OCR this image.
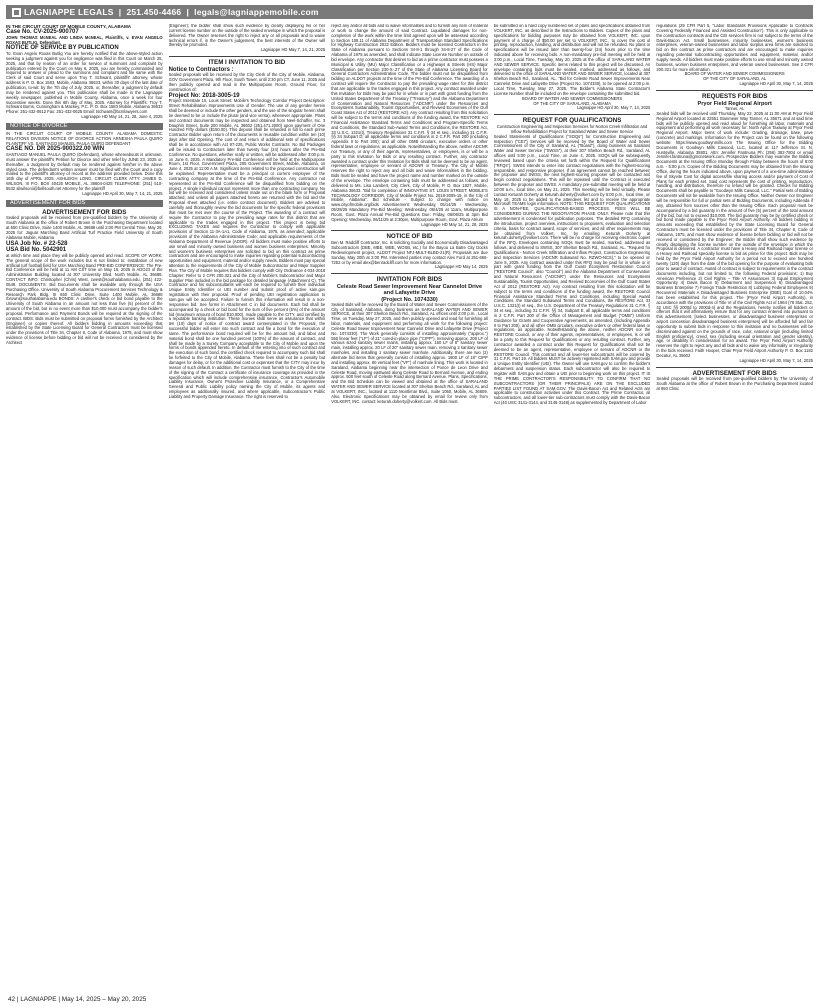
LAGNIAPPE LEGALS | 251.450-4466 | legals@lagniappemobile.com

IN THE CIRCUIT COURT OF MOBILE COUNTY, ALABAMA

Case No. CV-2025-900707

JOHN THOMAS McNEAL AND LINDA McNEAL, Plaintiffs, v. EVAN ANGELO ROXAS BUTLIG, Defendant.

NOTICE OF SERVICE BY PUBLICATION

To: Evan Angelo Roxas Butlig You are hereby notified that the above-styled action seeking a judgment against you for negligence was filed in this Court on March 25, 2025, and that by reason of an order for service of summons and complaint by publication entered by the Court on May 6, 2025, you are hereby commanded and required to answer or plead to the summons and complaint and file same with the Clerk of said Court and serve upon Troy T. Schwant, plaintiffs' attorney, whose address is P. O. Box 1583, Mobile, Alabama 36633, within 30 days of the last date of publication, to-wit: by the 7th day of July, 2025, or, thereafter, a judgment by default may be rendered against you. This publication shall be made in the Lagniappe weekly newspaper, published in Mobile County, Alabama, once a week for four successive weeks. Done this 6th day of May, 2025. Attorney for Plaintiffs: Troy T. Schwant Burns, Cunningham & Mackey, P.C. P. O. Box 1583 Mobile, Alabama 36633 Phone: 251-432-0612 Fax: 251-432-0625 Email: tschwant@bcmlawyers.com

Lagniappe HD May 14, 21, 28, June 4, 2025

NOTICE OF DIVORCE

IN THE CIRCUIT COURT OF MOBILE COUNTY ALABAMA DOMESTIC RELATIONS DIVISION NOTICE OF DIVORCE ACTION ARNESHA PAULA QUIRO PLAINTIFF VS. SANTIAGO MANUEL PAULA QUIRO DEFENDANT

CASE NO. DR 2025-900322.00 WIN

SANTIAGO MANUEL PAULA QUIRO (Defendant), whose whereabouts is unknown, must answer the plaintiff's Petition for Divorce and other relief by JUNE 23, 2025 or, thereafter, a Judgment by Default may be rendered against him/her in the above styled case. The defendant's written answer must be filed with the Court and a copy mailed to the plaintiff's attorney of record at the address provided below. Done this 16th day of APRIL 2025. ASHLEIGH LONG, CIRCUIT CLERK ATTY: JAMES D. WILSON, III P.O. BOX 40425 MOBILE, AL 36604-0425 TELEPHONE: (251) 510-5532 silwilsonii@bellsouth.net Attorney for the plaintiff

Lagniappe HD April 30, May 7, 14, 21, 2025

ADVERTISEMENT FOR BIDS

ADVERTISEMENT FOR BIDS

Sealed proposals will be received from pre-qualified bidders by The University of South Alabama at the office of Robert Brown in the Purchasing Department located at 650 Clinic Drive, Suite 1400 Mobile, AL 36688 until 2:00 PM Central Time, May 29, 2025 for: Jaguar Marching Band Artificial Turf Practice Field University of South Alabama Mobile, Alabama

USA Job No. # 22-528

USA Bid No. 5042901

at which time and place they will be publicly opened and read. SCOPE OF WORK: The general scope of the work includes but is not limited to: Installation of new artificial turf football field for USA Marching Band PRE-BID CONFERENCE: The Pre-Bid Conference will be held at 11 AM CST time on May 16, 2025 in ADO23 of the Administration Building located at 307 University Blvd. North Mobile, AL 36688. CONTACT INFO: Christopher (Chris) West, cwest@southalabama.edu, (251) 422-0548. DOCUMENTS: Bid Documents shall be available only through the USA Purchasing Office. University of South Alabama Procurement Services Technology & Research Park Bldg. III 650 Clinic Drive, Suite 1400 Mobile, AL 36688 rbrown@southalabama.edu BONDS: A cashier's check or bid bond payable to the University of South Alabama in an amount not less than five (5) percent of the amount of the bid, but in no event more than $10,000 must accompany the bidder's proposal. Performance and Payment Bonds will be required at the signing of the contract. BIDS: Bids must be submitted on proposal forms furnished by the Architect (Engineer) or copies thereof. All bidders bidding in amounts exceeding that established by the State Licensing Board for General Contractors must be licensed under the provisions of Title 34, Chapter 8, Code of Alabama, 1975, and must show evidence of license before bidding or bid will not be received or considered by the Architect

(Engineer); the bidder shall show such evidence by clearly displaying his or her current license number on the outside of the sealed envelope in which the proposal is delivered. The Owner reserves the right to reject any or all proposals and to waive technical errors if, in the Owner's judgement, the best interests of the Owner will thereby be promoted.

Lagniappe HD May 7, 14, 21, 2025

ITEM I INVITATION TO BID

Notice to Contractors :

Sealed proposals will be received by the City Clerk of the City of Mobile, Alabama, GOV Government Plaza, 9th Floor, South Tower, until 2:30 pm CT, June 11, 2025 and then publicly opened and read in the Multipurpose Room, Ground Floor, for construction of:

Project No: 2018-3005-19

Project Interstate 10, Louis Street: Mobile's Technology Corridor Project Description: Street Rehabilitation Improvements Use of Gender. The use of any gender herein shall be deemed or include the other genders, and the use of the singular herein shall be deemed to be or include the plural (and vice versa), whenever appropriate. Plans and contract documents may be inspected and obtained from Neel-Schaffer, Inc. 3 Dauphin Street, Suite 200 Mobile, AL 36602 (251.471.2000) upon payment of One Hundred Fifty dollars ($150.00). This deposit shall be refunded in full to each prime Contractor Bidder upon return of the documents in reusable condition within ten (10) days after Bid Opening. The cost of and return of additional sets of specifications shall be in accordance with Act 97-225, Public Works Contracts. No Bid Packages will be issued to Contractors later than twenty four (24) hours after the Pre-Bid Conference. No questions, whether orally or written, will be addressed after 3:00 p.m. on June 6, 2025. A Mandatory Pre-Bid Conference will be held at the Multipurpose Room, 1st Floor, Government Plaza, 205 Government Street, Mobile, Alabama, on June 4, 2025 at 11:00 A.M. Significant items related to the proposed construction will be explained. Representative must be a principal or current employee of the contracting company at the time of the Pre-Bid Conference. Any contractor not represented at the Pre-Bid Conference will be disqualified from bidding on the project. A single individual cannot represent more than one contracting company. No bid will be received and considered unless made out on the blank form or Proposal attached, and unless all papers attached hereto are returned with the bid and the Proposal sheet attached (i.e. entire contract document). Bidders are advised to carefully and thoroughly review the bid documents for the specific federal provisions that must be met over the course of the Project. The awarding of a contract will require the Contractor to pay the prevailing wage rates for this district that are applicable to the trades engaged in this project. This project is being bid EXCLUDING TAXES and requires the Contractor to comply with applicable provisions of Section 11-3A-1A1, Code of Alabama, 1975, as amended; applicable provisions of the Alabama Administrative Code; and applicable requirements of the Alabama Department of Revenue (ADOR). All bidders must make positive efforts to use small and minority owned business and women business enterprises. Minority and women's business enterprises are solicited to bid on this contract as prime contractors and are encouraged to make inquiries regarding potential subcontracting opportunities and equipment, material and/or supply needs. Bidders must pay special attention to the requirements of the City of Mobile Subcontractor and Major Supplier Plan. The City of Mobile requires that bidders comply with City Ordinance 4-034-2018 Chapter: Refer to 2 CFR 200.321 and the City of Mobile's Subcontractor and Major Supplier Plan included in the bid package for detailed language (Attachment C). The Contractor and his subconsultants will each be required to furnish their individual Unique Entity Identifier or UEI number and submit proof of active sam.gov registration with their proposal. Proof of pending UEI registration application to sam.gov will be accepted. Failure to furnish this information will result in a non-responsive bid. See forms in Attachment C in bid documents. Each bid shall be accompanied by a check or bid bond for the sum of five percent (5%) of the amount bid (maximum amount of bond $10,000), made payable to the CITY, and certified by a reputable banking institution. These monies shall serve as assurance that within ten (10) days of notice of contract award contemplated in the Proposal, the successful bidder will enter into such contract and file a bond for the execution of same. The performance bond required will be for the amount bid, and labor and material bond shall be one hundred percent (100%) of the amount of contract, and shall be made by a Surety Company acceptable to the City of Mobile and upon the forms of bonds appended hereto. In default of the entering into of such contract and the execution of such bond, the certified check required to accompany such bid shall be forfeited to the City of Mobile, Alabama. These fees shall not be a penalty but damages for delay, or for the additional cost or expenses that the CITY may incur by reason of such default. In addition, the Contractor must furnish to the City of the time of the signing of the Contract a certificate of insurance coverage as provided in the specification which will include comprehensive insurance, Contractor's Automobile Liability Insurance, Owner's Protective Liability Insurance, or a Comprehensive General and Public Liability policy naming the City of Mobile, its agents and employees as additionally insured, and where applicable, Subcontractor's Public Liability and Property Damage Insurance. The right is reserved to

reject any and/or all bids and to waive informalities and to furnish any item of material or work to change the amount of said Contract. Liquidated damages for non-completion of the work within the time limit agreed upon will be assessed according to Section 108.11 of Alabama Department of Transportation Standard Specifications for Highway Construction 2022 Edition. Bidders must be licensed Contractors in the State of Alabama pursuant to Sections 34-8-1 through 34-8-27 of the Code of Alabama of 1975 as amended, and shall indicate State License Number on outside of bid envelope. Any contractor that desires to bid as a prime contractor must possess a Municipal & Utility (MU) Major Classification or a Highways & Streets (HS) Major Classification per Section 230-X-.27 of the State of Alabama Licensing Board for General Contractors Administrative Code. The bidder must not be disqualified from bidding on ALDOT projects at the time of the Pre-Bid Conference. The awarding of a contract will require the Contractor to pay the prevailing wage rates for this district that are applicable to the trades engaged in this project. Any contract awarded under this Invitation for Bids may be paid for in whole or in part with grant funding from the United States Department of the Treasury ("Treasury") and the Alabama Department of Conservation and Natural Resources ("ADCNR") under the Resources and Ecosystems Sustainability, Tourist Opportunities, and Revived Economies of the Gulf Coast States Act of 2012 (RESTORE Act). Any contract resulting from this solicitation will be subject to the terms and conditions of the funding award, the RESTORE Act Financial Assistance Standard Terms and Conditions and Program-Specific Terms and Conditions, the Standard Sub-Award Terms and Conditions, the RESTORE Act, 33 U.S.C. 1321(t), Treasury Regulations 31 C.F.R. § 34 et seq., including 31 C.F.R. §§ 34 Subpart D; all applicable terms and conditions in 2 C.F.R. Part 200 (including Appendix II to Part 200); and all other OMB circulars, executive orders or other federal laws or regulations, as applicable. Notwithstanding the above, neither ADCNR nor Treasury, or any of their agents, representatives, or employees, is or will be a party to this Invitation for Bids or any resulting contract. Further, any contractor awarded a contract under this Invitation for Bids shall not be deemed to be an agent, representative, employee or servant of ADCNR or Treasury. The City of Mobile reserves the right to reject any and all bids and waive informalities in the bidding. Bids must be sealed and have the project name and number marked on the outside of the envelope. The envelope containing bids must be addressed as follows, and delivered to Ms. Lisa Lambert, City Clerk, City of Mobile, P. O. Box 1827, Mobile, Alabama 36633. "Bid for completion of INNOVATIVE ST. LOUIS STREET: MOBILE'S TECHNOLOGY CORRIDOR, City of Mobile Project No. 2018-3005-19, in the City of Mobile, Alabama". Bid schedule - Subject to change with notice on www.cityofmobile.org/bids Advertisement: Wednesday, 05/14/25 - Wednesday, 05/28/25 Mandatory Pre-Bid Meeting: Wednesday, 06/4/25 at 11am, Multipurpose Room, Govt. Plaza Annual Pre-Bid Questions Due: Friday, 06/06/25 at 3pm Bid Opening: Wednesday, 06/11/25 at 2:30pm, Multipurpose Room, Govt. Plaza Atrium

Lagniappe HD May 14, 21, 28, 2025

NOTICE OF BID

Ben M. Radcliff Contractor, Inc. is soliciting Socially and Economically Disadvantaged Subcontractors (DBE, MBE, WBE, WOSB, etc.) for the Bayou La Batre City Docks Redevelopment project, ALDOT Project NFJ-MULT-BLBD-21(R). Proposals are due Sunday, May 20th at 2:00 PM. Interested parties may contact Alex Ford at 251-666-7252 or by email alex@benradcliff.com for more information.

Lagniappe HD May 14, 2025

INVITATION FOR BIDS

Celeste Road Sewer Improvement Near Cannelot Drive and Lafayette Drive

(Project No. 1074330)

Sealed Bids will be received by the Board of Water and Sewer Commissioners of the City of Saraland, Alabama, doing business as SARALAND WATER AND SEWER SERVICE, at their 307 Shelton Beach Rd., Saraland, AL offices until 2:00 p.m., Local Time, on Tuesday, May 27, 2025, and then publicly opened and read for furnishing all labor, materials, and equipment and performing all work for the following project: Celeste Road Sewer Improvement Near Cannelot Drive and Lafayette Drive (Project No. 1074330). The Work generally consists of installing approximately ("approx.") 550 linear feet ("LF") of 21" cured-in-place pipe ("CIPP"), removing approx. 200 LF of various sized sanitary sewer mains, installing approx. 150 LF of 8" sanitary sewer main, installing approx. 20 LF of 20" sanitary sewer main, removing 2 sanitary sewer manholes, and installing 1 sanitary sewer manhole. Additionally, there are two (2) alternate bid items that generally consist of installing approx. 1800 LF of 18" CIPP and installing approx. 80 vertical feet ("VF") of manhole lining. This work is located in Saraland, Alabama beginning near the intersection of Ponce de Leon Drive and Celeste Road, moving eastward along Celeste Road to Bernard Avenue, and ending approx. 500 feet south of Celeste Road along Bernard Avenue. Plans, Specifications, and the Bid Schedule can be viewed and obtained at the office of SARALAND WATER AND SEWER SERVICE located at 307 Shelton Beach Rd., Saraland, AL and at VOLKERT, INC., located at 1110 Montlimar Blvd., Suite 1050, Mobile, AL 36609. Also, Electronic Specifications may be obtained by email for review only from VOLKERT, INC. contact: keturah.doherty@volkert.com. All Bids must

be submitted on a hard copy numbered set of plans and specifications obtained from VOLKERT, INC. as described in the Instructions to Bidders. Copies of the plans and specifications for bidding purposes may be obtained from VOLKERT, INC. upon payment of a charge of $50.00 per set to VOLKERT, INC., to cover the cost of printing, reproduction, handling, and distribution and will not be refunded. No plans or specifications will be issued later than twenty-four (24) hours prior to the time indicated above for receiving bids. A non-mandatory pre-bid meeting will be held at 3:00 p.m., Local Time, Tuesday, May 20, 2025 at the office of SARALAND WATER AND SEWER SERVICE. Specific items related to this project will be discussed. An envelope containing bids must be sealed, marked, addressed as follows, and delivered to the office of SARALAND WATER AND SEWER SERVICE, located at 307 Shelton Beach Rd., Saraland, AL. "Bid for Celeste Road Sewer Improvements Near Cannelot Drive and Lafayette Drive (Project No. 1074330), to be opened at 2:00 p.m. Local Time, Tuesday, May 27, 2025. The Bidder's Alabama State Contractor's License Number shall be included on the envelope containing the submitted bid.

BOARD OF WATER AND SEWER COMMISSIONERS

OF THE CITY OF SARALAND, ALABAMA

Lagniappe HD April 30, May 7, 14, 2025

REQUEST FOR QUALIFICATIONS

Construction Engineering and Inspection Services for Norton Creek Infiltration and Inflow Rehabilitation Project for Saraland Water and Sewer Service

Sealed Statements of Qualifications ("SOQs") for Construction Engineering and Inspection ("CEI") Services will be received by the Board of Water and Sewer Commissioners of the City of Saraland, AL ("Board"), doing business as Saraland Water and Sewer Service ("SWSS"), at their 307 Shelton Beach Rd., Saraland, AL offices until 5:00 p.m., Local Time, on June 4, 2025. SOQs will be subsequently reviewed based upon the criteria set forth within the Request for Qualifications ("RFQs"). SWSS intends to enter into contract negotiations with the highest-scoring responsible, and responsive proposer. If an agreement cannot be reached between the proposer and SWSS, the next highest-scoring proposer will be contacted and begin contract negotiations. This will be repeated until the Contract is executed between the proposer and SWSS. A mandatory pre-submittal meeting will be held at 10:00 a.m., local time, on May 21, 2025. This meeting will be held virtually. Please contact Keturah Doherty at keturah.doherty@volkert.com by 5:00 p.m., local time, on May 19, 2025 to be added to the attendees list and to receive the appropriate Microsoft TEAMS login information. NOTE: THIS REQUEST FOR QUALIFICATIONS IS A NON-FEE, QUALIFICATIONS-BASED PROCESS. FEES WILL BE CONSIDERED DURING THE NEGOTIATION PHASE ONLY. Please note that this advertisement is condensed for publication purposes. The detailed RFQ containing the introduction, project overview, instructions to proposers, evaluation and selection criteria, basis for contract award, scope of services, and all other requirements may be obtained from Volkert, Inc. by emailing Keturah Doherty at keturah.doherty@volkert.com. There will be no charge for receiving electronic copies of the RFQ. Envelopes containing SOQs must be sealed, marked, addressed as follows, and delivered to SWSS, 307 Shelton Beach Rd., Saraland, AL. "Request for Qualifications - Norton Creek Infiltration and Inflow Project, Construction Engineering and Inspection Services (ADCNR Subaward No. RZWO-NCS)," to be opened on June 5, 2025. Any contract awarded under this RFQ may be paid for in whole or in part with grant funding from the Gulf Coast Ecosystem Restoration Council ("RESTORE Council", also "Council") and the Alabama Department of Conservation and Natural Resources ("ADCNR") under the Resources and Ecosystems Sustainability, Tourist Opportunities, and Revived Economies of the Gulf Coast States Act of 2012 (RESTORE Act). Any contract resulting from this solicitation will be subject to the terms and conditions of the funding award, the RESTORE Council Financial Assistance Standard Terms and Conditions, including Special Award Conditions, the Standard Subaward Terms and Conditions, the RESTORE Act, 33 U.S.C. 1321(t) et seq., the U.S. Department of the Treasury Regulations 31 C.F.R. § 34 et seq., including 31 C.F.R. §§ 34, Subpart E, all applicable terms and conditions in 2 C.F.R. Part 200 of the Office of Management and Budget ("OMB") Uniform Guidance for Grants and Cooperative Agreements, as amended, (including Appendix II to Part 200), and all other OMB circulars, executive orders or other federal laws or regulations, as applicable. Notwithstanding the above, neither ADCNR nor the RESTORE Council, or any of their agents, representatives, or employees, is or will be a party to this Request for Qualifications or any resulting contract. Further, any contractor awarded a contract under this Request for Qualifications shall not be deemed to be an agent, representative, employee or servant of ADCNR or the RESTORE Council. This contract and all lower-tier subcontracts will be covered by 31 C.F.R. Part 19. All bidders MUST be actively registered with SAM.gov and provide a Unique Entity Identifier (UEI). The Owner will use SAM.gov to confirm the bidder's debarment and suspension status. Each subcontractor will also be required to register with SAM.gov and obtain a UEI prior to beginning work on this project. IT IS THE PRIME CONTRACTOR'S RESPONSIBILITY TO CONFIRM THAT NO SUBCONTRACTORS (OR THEIR PRINCIPALS) ARE ON THE EXCLUDED PARTIES LIST FOUND AT SAM.GOV. The Davis-Bacon Act and Related Acts are applicable to construction activities under this Contract. The Prime Contractor, all subcontractors, and all lower-tier sub-contractors must comply with the Davis-Bacon Act (40 USC 3141-3144, and 3146-3148) as supplemented by Department of Labor

regulations (29 CFR Part 5, "Labor Standards Provisions Applicable to Contracts Covering Federally Financed and Assisted Construction"). This is only applicable to the construction contracts and the CEI services firm is not subject to the terms of the Davis-Bacon Act. Small businesses, minority businesses, women's business enterprises, veteran-owned businesses and labor surplus area firms are solicited to bid on this contract as prime contractors and are encouraged to make inquiries regarding potential subcontracting opportunities and equipment, material, and/or supply needs. All bidders must make positive efforts to use small and minority owned business, women business enterprises, and veteran owned businesses. See 2 CFR 200.321 for more information.

BOARD OF WATER AND SEWER COMMISSIONERS

OF THE CITY OF SARALAND, AL

Lagniappe HD April 30, May 7, 14, 2025

REQUESTS FOR BIDS

Pryor Field Regional Airport

Tanner, AL

Sealed bids will be received until Thursday, May 22, 2025 at 11:00 AM at Pryor Field Regional Airport located at 22551 Stanmeier Way Tanner, AL 35671 and at said time bids will be publicly opened and read aloud for furnishing all labor, materials and equipment and performing all work necessary for: North Apron Taxiway at Pryor Field Regional Airport. Major items of work include: Grading, drainage, base, pave (concrete) and markings. Information for the Project can be found on the following website: https://www.goodwynmills.com The Issuing Office for the Bidding Documents is Goodwyn Mills Cawood, LLC, located at 117 Jefferson St. N, Huntsville, Alabama 35801, Attn: Jennifer Fantnuna Ph: (256) 382-7804 or email Jennifer.fantnuna@gmcnetwork.com. Prospective Bidders may examine the Bidding Documents at the Issuing Office Monday through Friday between the hours of 8:00 a.m. - 5:00 p.m. Copies of the Bidding Documents may be obtained from the Issuing Office, during the hours indicated above, upon payment of a one-time administrative fee of Skyvite Cost for digital access/file sharing access and/or payment of Cost of Plans for each printed set. Said cost represents the cost of printing, reproduction, handling, and distribution, therefore no refund will be granted. Checks for Bidding Documents shall be payable to "Goodwyn Mills Cawood, LLC." Partial sets of Bidding Documents will not be available from the Issuing Office. Neither Owner nor Engineer will be responsible for full or partial sets of Bidding Documents, including Addenda if any, obtained from sources other than the Issuing Office. Each proposal must be accompanied by a bid guaranty in the amount of five (5) percent of the total amount of the bid, but not to exceed $10,000. The bid guaranty may be by certified check or bid bond made payable to the Pryor Field Airport Authority. All bidders bidding in amounts exceeding that established by the State Licensing Board for General Contractors must be licensed under the provisions of Title 34, Chapter 8, Code of Alabama, 1975, and must show evidence of license before bidding or bid will not be received or considered by the Engineer; the Bidder shall show such evidence by clearly displaying the license number on the outside of the envelope in which the Proposal is delivered. A contractor must have a Heavy and Railroad major license or a Heavy and Railroad specialty license to bid as prime for this project. Bids may be held by the Pryor Field Airport Authority for a period not to exceed one hundred twenty (120) days from the date of the bid opening for the purpose of evaluating bids prior to award of contract. Award of contract is subject to requirements in the contract documents including, but not limited to, the following Federal provisions: 1) Buy American Preference 2) Civil Rights – Title VI Assurances 3) Equal Employment Opportunity 4) Davis Bacon 5) Debarment and Suspension 6) Disadvantaged Business Enterprise 7) Foreign Trade Restriction 8) Lobbying Federal Employees 9) Recovered Materials A Disadvantaged Business Enterprise (DBE) Goal of 10.04% has been established for this project. The (Pryor Field Airport Authority), in accordance with the provisions of Title VI of the Civil Rights Act of 1964 (78 Stat. 252, 42 USC §§ 2000d to 2000d-4) and the Regulations, hereby notifies all bidders or offerors that it will affirmatively ensure that for any contract entered into pursuant to this advertisement, [select businesses, or disadvantaged business enterprises or airport concession disadvantaged business enterprises] will be afforded full and fair opportunity to submit bids in response to this invitation and no businesses will be discriminated against on the grounds of race, color, national origin (including limited English proficiency), creed, sex (including sexual orientation and gender identity), age, or disability in consideration for an award. The Pryor Field Airport Authority reserves the right to reject any and all bids and to waive any informality or irregularity in the bids received. Faith Hooper, Chair Pryor Field Airport Authority P. O. Box 1182 Decatur, AL 35602

Lagniappe HD April 30, May 7, 14, 2025

ADVERTISEMENT FOR BIDS

Sealed proposals will be received from pre-qualified bidders by The University of South Alabama at the office of Robert Brown in the Purchasing Department located at 650 Clinic

42 | LAGNIAPPE | May 14, 2025 – May 20, 2025
